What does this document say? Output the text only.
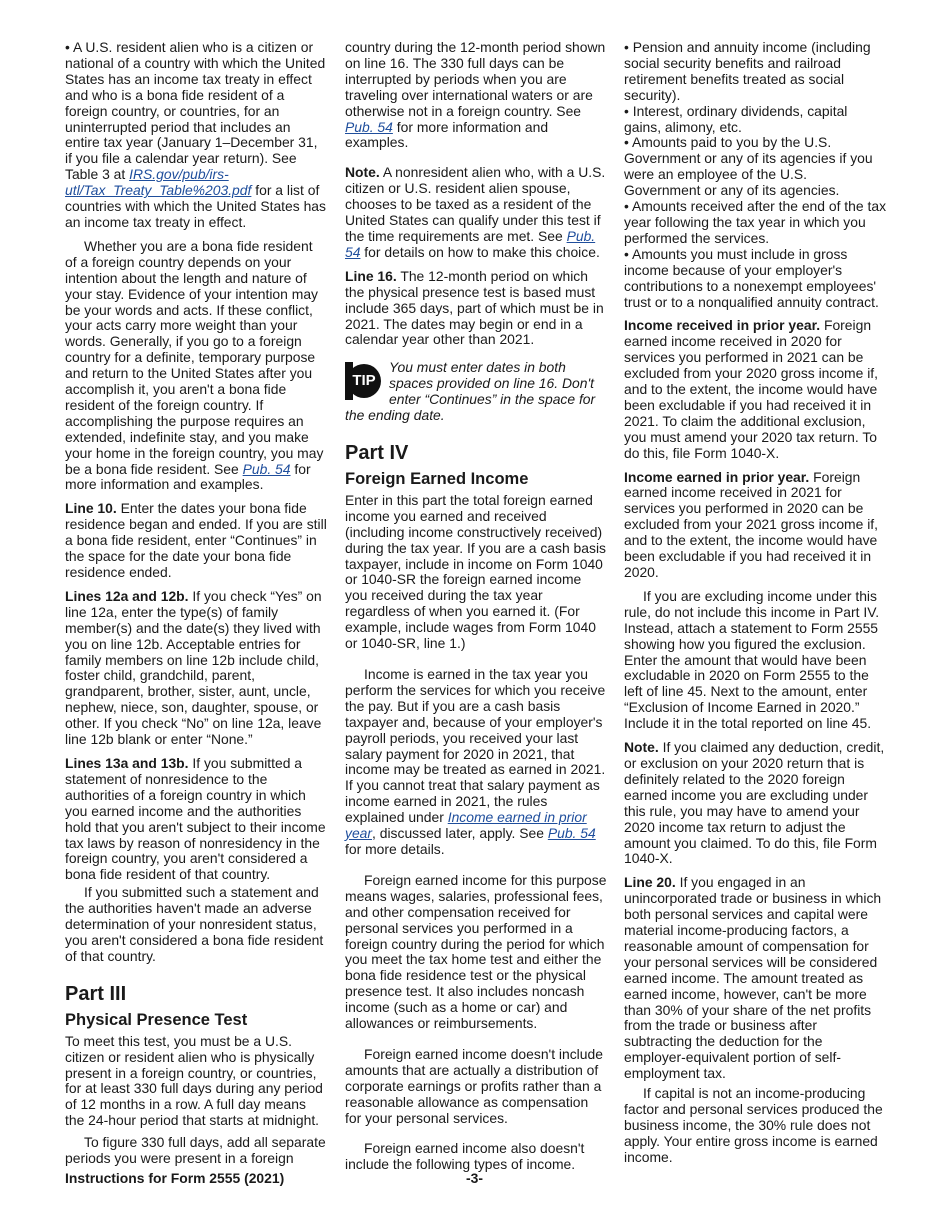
• A U.S. resident alien who is a citizen or national of a country with which the United States has an income tax treaty in effect and who is a bona fide resident of a foreign country, or countries, for an uninterrupted period that includes an entire tax year (January 1–December 31, if you file a calendar year return). See Table 3 at IRS.gov/pub/irs-utl/Tax_Treaty_Table%203.pdf for a list of countries with which the United States has an income tax treaty in effect.

Whether you are a bona fide resident of a foreign country depends on your intention about the length and nature of your stay. Evidence of your intention may be your words and acts. If these conflict, your acts carry more weight than your words. Generally, if you go to a foreign country for a definite, temporary purpose and return to the United States after you accomplish it, you aren't a bona fide resident of the foreign country. If accomplishing the purpose requires an extended, indefinite stay, and you make your home in the foreign country, you may be a bona fide resident. See Pub. 54 for more information and examples.

Line 10. Enter the dates your bona fide residence began and ended. If you are still a bona fide resident, enter “Continues” in the space for the date your bona fide residence ended.

Lines 12a and 12b. If you check “Yes” on line 12a, enter the type(s) of family member(s) and the date(s) they lived with you on line 12b. Acceptable entries for family members on line 12b include child, foster child, grandchild, parent, grandparent, brother, sister, aunt, uncle, nephew, niece, son, daughter, spouse, or other. If you check “No” on line 12a, leave line 12b blank or enter “None.”

Lines 13a and 13b. If you submitted a statement of nonresidence to the authorities of a foreign country in which you earned income and the authorities hold that you aren't subject to their income tax laws by reason of nonresidency in the foreign country, you aren't considered a bona fide resident of that country.

If you submitted such a statement and the authorities haven't made an adverse determination of your nonresident status, you aren't considered a bona fide resident of that country.

Part III
Physical Presence Test

To meet this test, you must be a U.S. citizen or resident alien who is physically present in a foreign country, or countries, for at least 330 full days during any period of 12 months in a row. A full day means the 24-hour period that starts at midnight.

To figure 330 full days, add all separate periods you were present in a foreign

country during the 12-month period shown on line 16. The 330 full days can be interrupted by periods when you are traveling over international waters or are otherwise not in a foreign country. See Pub. 54 for more information and examples.

Note. A nonresident alien who, with a U.S. citizen or U.S. resident alien spouse, chooses to be taxed as a resident of the United States can qualify under this test if the time requirements are met. See Pub. 54 for details on how to make this choice.

Line 16. The 12-month period on which the physical presence test is based must include 365 days, part of which must be in 2021. The dates may begin or end in a calendar year other than 2021.

TIP
You must enter dates in both spaces provided on line 16. Don't enter “Continues” in the space for the ending date.
Part IV
Foreign Earned Income

Enter in this part the total foreign earned income you earned and received (including income constructively received) during the tax year. If you are a cash basis taxpayer, include in income on Form 1040 or 1040-SR the foreign earned income you received during the tax year regardless of when you earned it. (For example, include wages from Form 1040 or 1040-SR, line 1.)

Income is earned in the tax year you perform the services for which you receive the pay. But if you are a cash basis taxpayer and, because of your employer's payroll periods, you received your last salary payment for 2020 in 2021, that income may be treated as earned in 2021. If you cannot treat that salary payment as income earned in 2021, the rules explained under Income earned in prior year, discussed later, apply. See Pub. 54 for more details.

Foreign earned income for this purpose means wages, salaries, professional fees, and other compensation received for personal services you performed in a foreign country during the period for which you meet the tax home test and either the bona fide residence test or the physical presence test. It also includes noncash income (such as a home or car) and allowances or reimbursements.

Foreign earned income doesn't include amounts that are actually a distribution of corporate earnings or profits rather than a reasonable allowance as compensation for your personal services.

Foreign earned income also doesn't include the following types of income.

• Pension and annuity income (including social security benefits and railroad retirement benefits treated as social security).

• Interest, ordinary dividends, capital gains, alimony, etc.

• Amounts paid to you by the U.S. Government or any of its agencies if you were an employee of the U.S. Government or any of its agencies.

• Amounts received after the end of the tax year following the tax year in which you performed the services.

• Amounts you must include in gross income because of your employer's contributions to a nonexempt employees' trust or to a nonqualified annuity contract.

Income received in prior year. Foreign earned income received in 2020 for services you performed in 2021 can be excluded from your 2020 gross income if, and to the extent, the income would have been excludable if you had received it in 2021. To claim the additional exclusion, you must amend your 2020 tax return. To do this, file Form 1040-X.

Income earned in prior year. Foreign earned income received in 2021 for services you performed in 2020 can be excluded from your 2021 gross income if, and to the extent, the income would have been excludable if you had received it in 2020.

If you are excluding income under this rule, do not include this income in Part IV. Instead, attach a statement to Form 2555 showing how you figured the exclusion. Enter the amount that would have been excludable in 2020 on Form 2555 to the left of line 45. Next to the amount, enter “Exclusion of Income Earned in 2020.” Include it in the total reported on line 45.

Note. If you claimed any deduction, credit, or exclusion on your 2020 return that is definitely related to the 2020 foreign earned income you are excluding under this rule, you may have to amend your 2020 income tax return to adjust the amount you claimed. To do this, file Form 1040-X.

Line 20. If you engaged in an unincorporated trade or business in which both personal services and capital were material income-producing factors, a reasonable amount of compensation for your personal services will be considered earned income. The amount treated as earned income, however, can't be more than 30% of your share of the net profits from the trade or business after subtracting the deduction for the employer-equivalent portion of self-employment tax.

If capital is not an income-producing factor and personal services produced the business income, the 30% rule does not apply. Your entire gross income is earned income.

Instructions for Form 2555 (2021)	-3-
